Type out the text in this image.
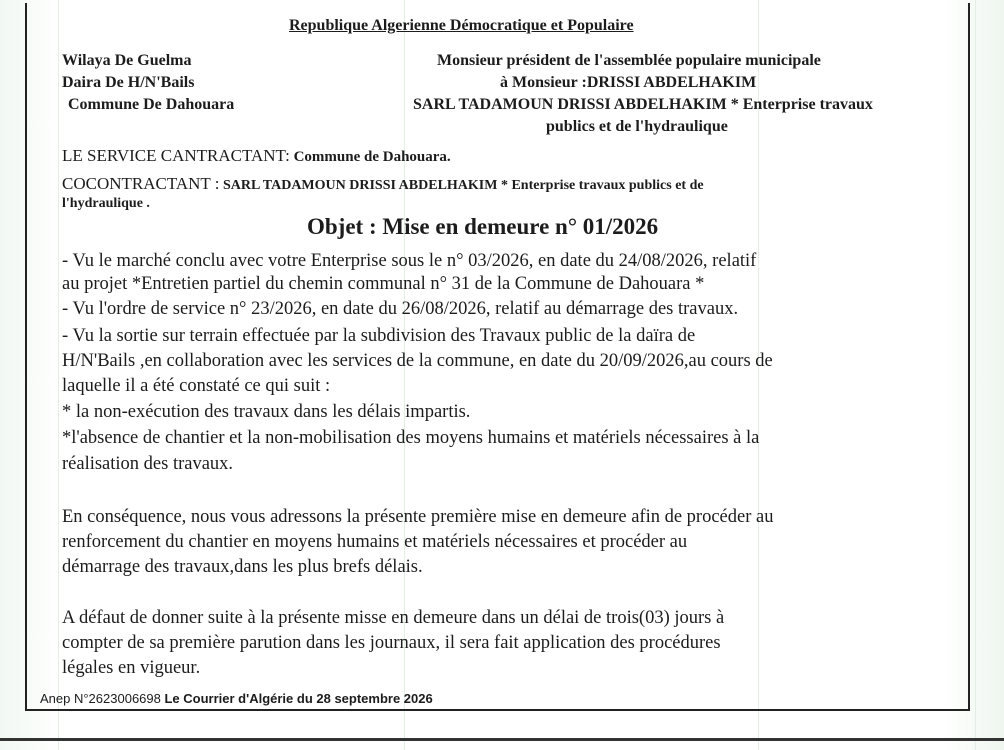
Republique Algerienne Démocratique et Populaire
Wilaya De Guelma
Daira De H/N'Bails
Commune De Dahouara
Monsieur président de l'assemblée populaire municipale
à Monsieur :DRISSI ABDELHAKIM
SARL TADAMOUN DRISSI ABDELHAKIM * Enterprise travaux
publics et de l'hydraulique
LE SERVICE CANTRACTANT: Commune de Dahouara.
COCONTRACTANT : SARL TADAMOUN DRISSI ABDELHAKIM * Enterprise travaux publics et de
l'hydraulique .
Objet : Mise en demeure n° 01/2026
- Vu le marché conclu avec votre Enterprise sous le n° 03/2026, en date du 24/08/2026, relatif
au projet *Entretien partiel du chemin communal n° 31 de la Commune de Dahouara *
- Vu l'ordre de service n° 23/2026, en date du 26/08/2026, relatif au démarrage des travaux.
- Vu la sortie sur terrain effectuée par la subdivision des Travaux public de la daïra de
H/N'Bails ,en collaboration avec les services de la commune, en date du 20/09/2026,au cours de
laquelle il a été constaté ce qui suit :
* la non-exécution des travaux dans les délais impartis.
*l'absence de chantier et la non-mobilisation des moyens humains et matériels nécessaires à la
réalisation des travaux.
En conséquence, nous vous adressons la présente première mise en demeure afin de procéder au
renforcement du chantier en moyens humains et matériels nécessaires et procéder au
démarrage des travaux,dans les plus brefs délais.
A défaut de donner suite à la présente misse en demeure dans un délai de trois(03) jours à
compter de sa première parution dans les journaux, il sera fait application des procédures
légales en vigueur.
Anep N°2623006698 Le Courrier d'Algérie du 28 septembre 2026
